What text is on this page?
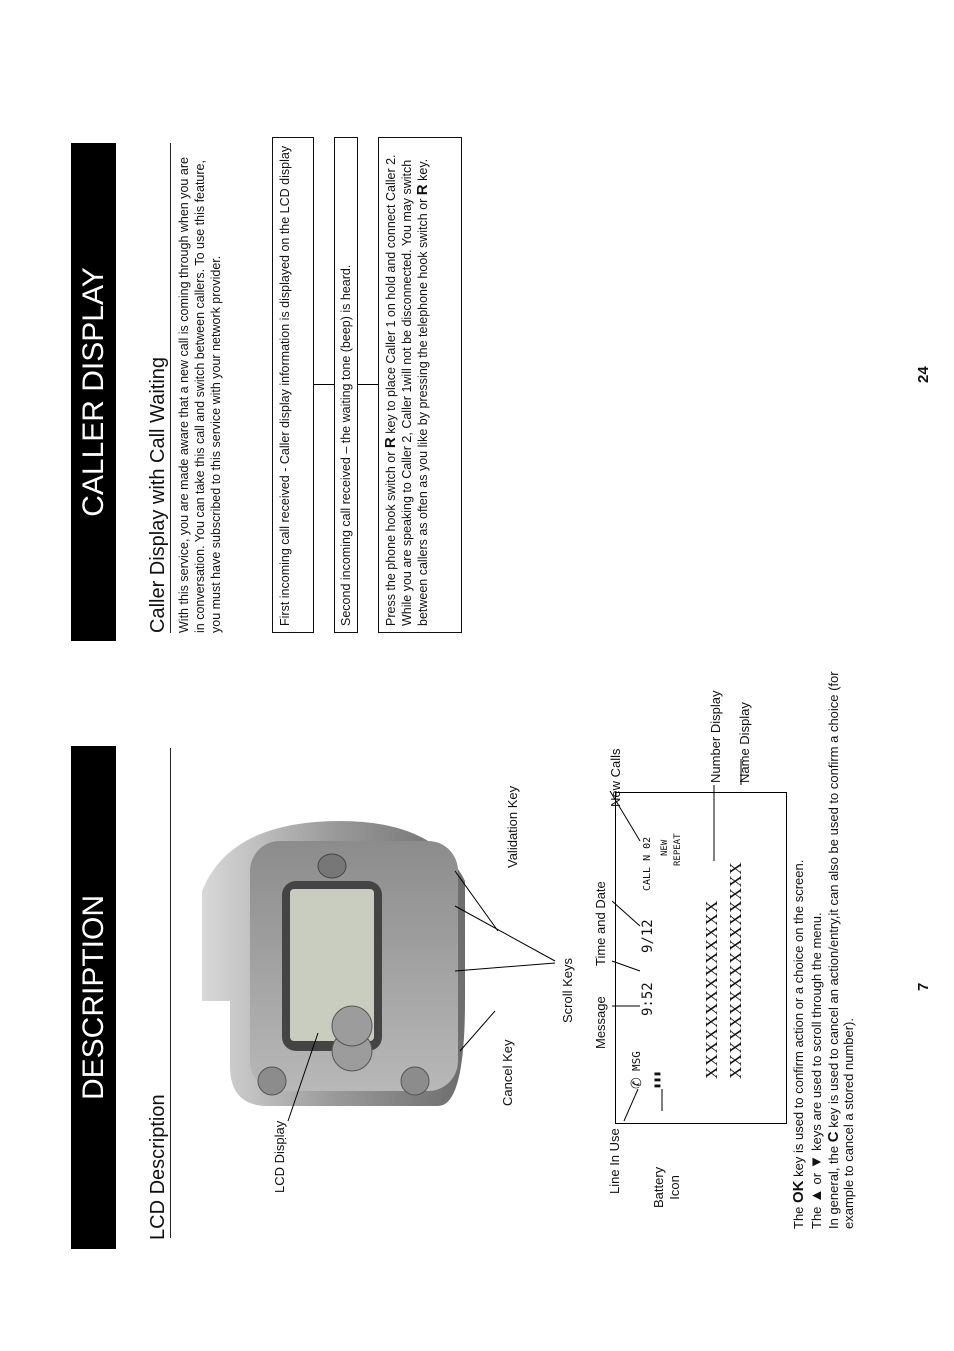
DESCRIPTION
LCD Description	LCD Display
Cancel Key
Scroll Keys
Validation Key
Line In Use Battery Icon
Message
Time and Date
New Calls	Number Display Name Display
✆ ▮▮▮
MSG
9:52
9/12
CALL N 02 NEW REPEAT
XXXXXXXXXXXXXX XXXXXXXXXXXXXXXXX
The OK key is used to confirm action or a choice on the screen.
The ▲ or ▼ keys are used to scroll through the menu.
In general, the C key is used to cancel an action/entry,it can also be used to confirm a choice (for example to cancel a stored number).
7
CALLER DISPLAY Caller Display with Call Waiting With this service, you are made aware that a new call is coming through when you are in conversation. You can take this call and switch between callers. To use this feature, you must have subscribed to this service with your network provider.	First incoming call received - Caller display information is displayed on the LCD display	Second incoming call received – the waiting tone (beep) is heard.	Press the phone hook switch or R key to place Caller 1 on hold and connect Caller 2. While you are speaking to Caller 2, Caller 1will not be disconnected. You may switch between callers as often as you like by pressing the telephone hook switch or R key.
24
